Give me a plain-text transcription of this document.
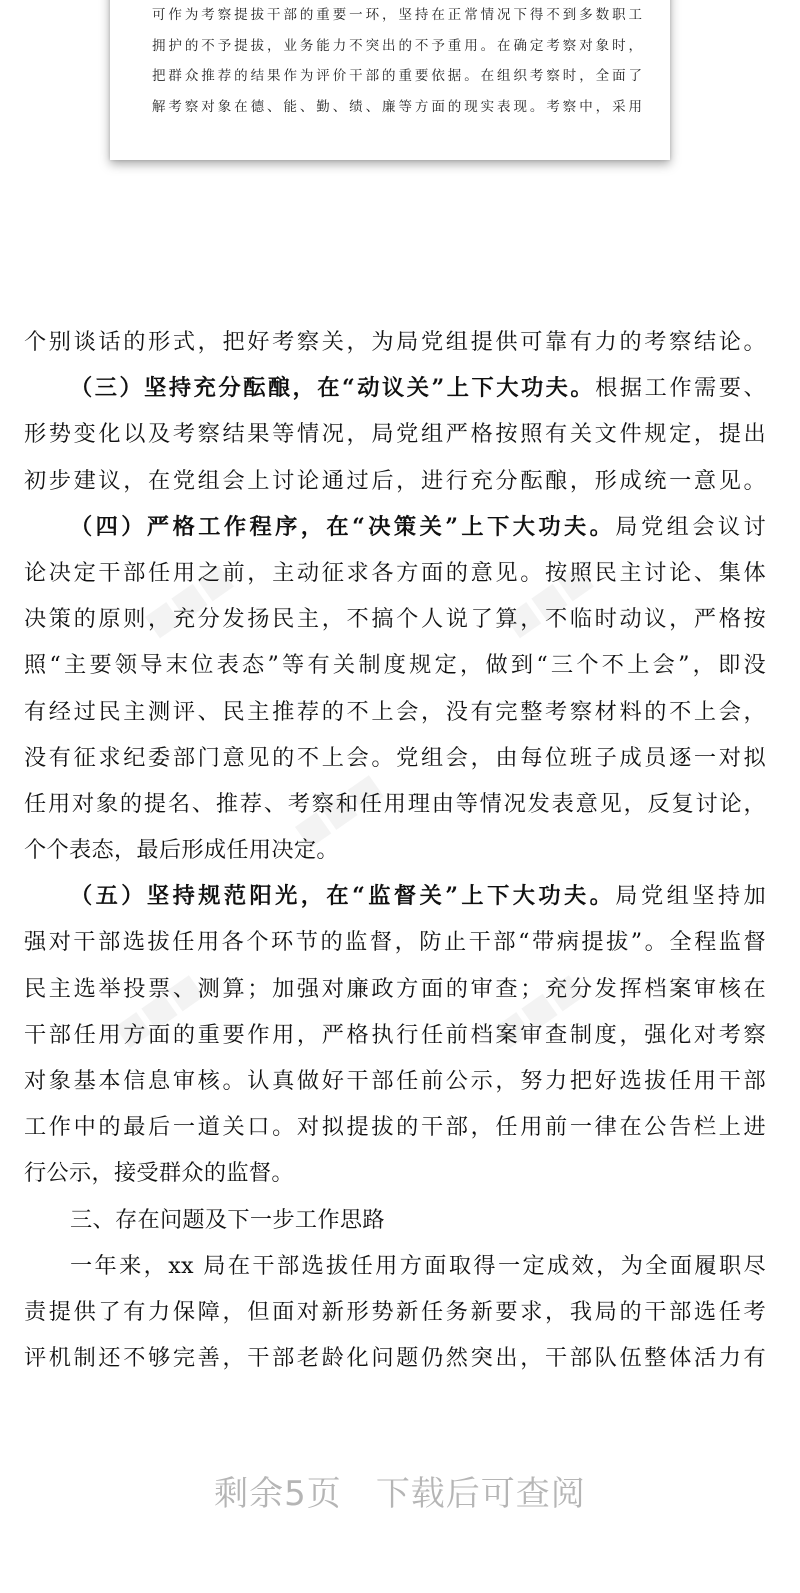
可作为考察提拔干部的重要一环，坚持在正常情况下得不到多数职工
拥护的不予提拔，业务能力不突出的不予重用。在确定考察对象时，
把群众推荐的结果作为评价干部的重要依据。在组织考察时，全面了
解考察对象在德、能、勤、绩、廉等方面的现实表现。考察中，采用
■■■	■■■
■■■
■■■	■■■
个别谈话的形式，把好考察关，为局党组提供可靠有力的考察结论。
（三）坚持充分酝酿，在“动议关”上下大功夫。根据工作需要、
形势变化以及考察结果等情况，局党组严格按照有关文件规定，提出
初步建议，在党组会上讨论通过后，进行充分酝酿，形成统一意见。
（四）严格工作程序，在“决策关”上下大功夫。局党组会议讨
论决定干部任用之前，主动征求各方面的意见。按照民主讨论、集体
决策的原则，充分发扬民主，不搞个人说了算，不临时动议，严格按
照“主要领导末位表态”等有关制度规定，做到“三个不上会”，即没
有经过民主测评、民主推荐的不上会，没有完整考察材料的不上会，
没有征求纪委部门意见的不上会。党组会，由每位班子成员逐一对拟
任用对象的提名、推荐、考察和任用理由等情况发表意见，反复讨论，
个个表态，最后形成任用决定。
（五）坚持规范阳光，在“监督关”上下大功夫。局党组坚持加
强对干部选拔任用各个环节的监督，防止干部“带病提拔”。全程监督
民主选举投票、测算；加强对廉政方面的审查；充分发挥档案审核在
干部任用方面的重要作用，严格执行任前档案审查制度，强化对考察
对象基本信息审核。认真做好干部任前公示，努力把好选拔任用干部
工作中的最后一道关口。对拟提拔的干部，任用前一律在公告栏上进
行公示，接受群众的监督。
三、存在问题及下一步工作思路
一年来，xx 局在干部选拔任用方面取得一定成效，为全面履职尽
责提供了有力保障，但面对新形势新任务新要求，我局的干部选任考
评机制还不够完善，干部老龄化问题仍然突出，干部队伍整体活力有
剩余5页 下载后可查阅
